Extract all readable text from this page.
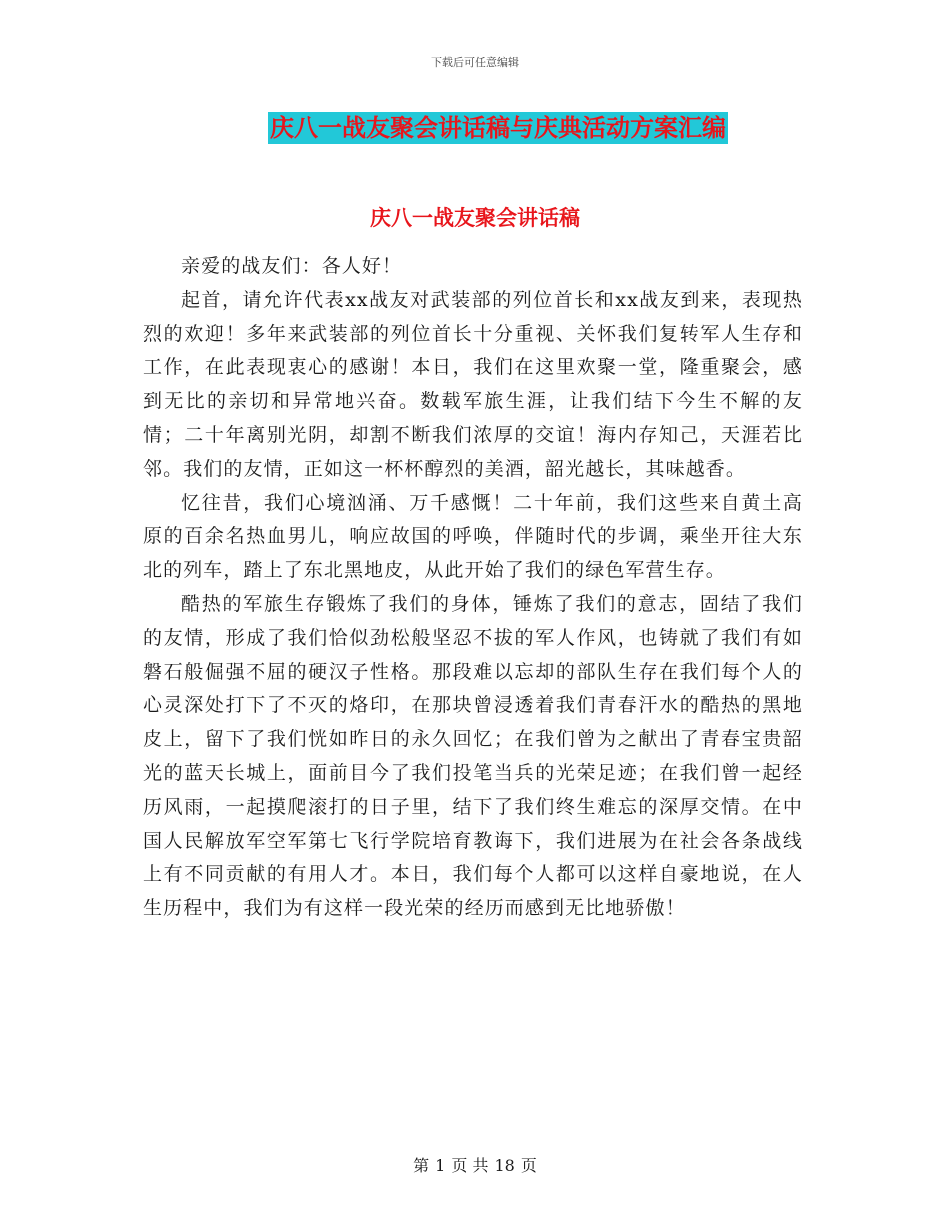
下载后可任意编辑
庆八一战友聚会讲话稿与庆典活动方案汇编
庆八一战友聚会讲话稿

亲爱的战友们：各人好！

起首，请允许代表xx战友对武装部的列位首长和xx战友到来，表现热烈的欢迎！多年来武装部的列位首长十分重视、关怀我们复转军人生存和工作，在此表现衷心的感谢！本日，我们在这里欢聚一堂，隆重聚会，感到无比的亲切和异常地兴奋。数载军旅生涯，让我们结下今生不解的友情；二十年离别光阴，却割不断我们浓厚的交谊！海内存知己，天涯若比邻。我们的友情，正如这一杯杯醇烈的美酒，韶光越长，其味越香。

忆往昔，我们心境汹涌、万千感慨！二十年前，我们这些来自黄土高原的百余名热血男儿，响应故国的呼唤，伴随时代的步调，乘坐开往大东北的列车，踏上了东北黑地皮，从此开始了我们的绿色军营生存。

酷热的军旅生存锻炼了我们的身体，锤炼了我们的意志，固结了我们的友情，形成了我们恰似劲松般坚忍不拔的军人作风，也铸就了我们有如磐石般倔强不屈的硬汉子性格。那段难以忘却的部队生存在我们每个人的心灵深处打下了不灭的烙印，在那块曾浸透着我们青春汗水的酷热的黑地皮上，留下了我们恍如昨日的永久回忆；在我们曾为之献出了青春宝贵韶光的蓝天长城上，面前目今了我们投笔当兵的光荣足迹；在我们曾一起经历风雨，一起摸爬滚打的日子里，结下了我们终生难忘的深厚交情。在中国人民解放军空军第七飞行学院培育教诲下，我们进展为在社会各条战线上有不同贡献的有用人才。本日，我们每个人都可以这样自豪地说，在人生历程中，我们为有这样一段光荣的经历而感到无比地骄傲！

第 1 页 共 18 页
